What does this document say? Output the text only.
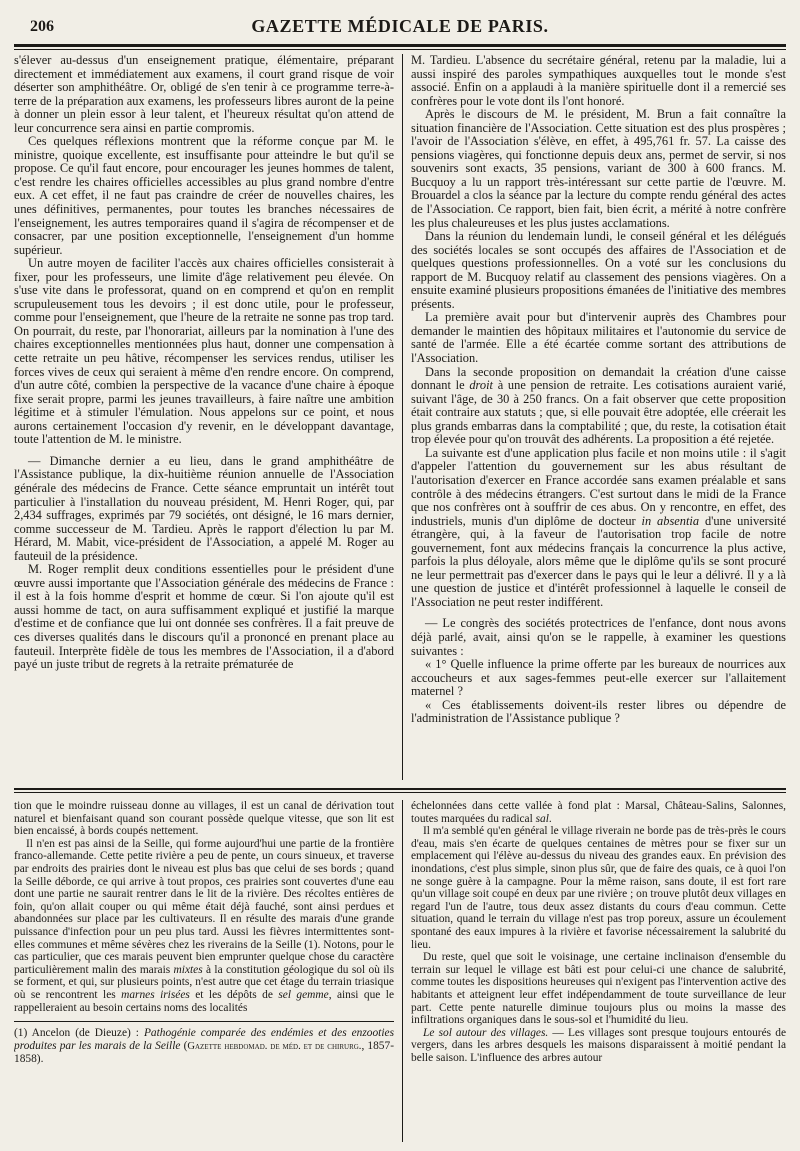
206	GAZETTE MÉDICALE DE PARIS.

s'élever au-dessus d'un enseignement pratique, élémentaire, préparant directement et immédiatement aux examens, il court grand risque de voir déserter son amphithéâtre. Or, obligé de s'en tenir à ce programme terre-à-terre de la préparation aux examens, les professeurs libres auront de la peine à donner un plein essor à leur talent, et l'heureux résultat qu'on attend de leur concurrence sera ainsi en partie compromis.

Ces quelques réflexions montrent que la réforme conçue par M. le ministre, quoique excellente, est insuffisante pour atteindre le but qu'il se propose. Ce qu'il faut encore, pour encourager les jeunes hommes de talent, c'est rendre les chaires officielles accessibles au plus grand nombre d'entre eux. A cet effet, il ne faut pas craindre de créer de nouvelles chaires, les unes définitives, permanentes, pour toutes les branches nécessaires de l'enseignement, les autres temporaires quand il s'agira de récompenser et de consacrer, par une position exceptionnelle, l'enseignement d'un homme supérieur.

Un autre moyen de faciliter l'accès aux chaires officielles consisterait à fixer, pour les professeurs, une limite d'âge relativement peu élevée. On s'use vite dans le professorat, quand on en comprend et qu'on en remplit scrupuleusement tous les devoirs ; il est donc utile, pour le professeur, comme pour l'enseignement, que l'heure de la retraite ne sonne pas trop tard. On pourrait, du reste, par l'honorariat, ailleurs par la nomination à l'une des chaires exceptionnelles mentionnées plus haut, donner une compensation à cette retraite un peu hâtive, récompenser les services rendus, utiliser les forces vives de ceux qui seraient à même d'en rendre encore. On comprend, d'un autre côté, combien la perspective de la vacance d'une chaire à époque fixe serait propre, parmi les jeunes travailleurs, à faire naître une ambition légitime et à stimuler l'émulation. Nous appelons sur ce point, et nous aurons certainement l'occasion d'y revenir, en le développant davantage, toute l'attention de M. le ministre.

— Dimanche dernier a eu lieu, dans le grand amphithéâtre de l'Assistance publique, la dix-huitième réunion annuelle de l'Association générale des médecins de France. Cette séance empruntait un intérêt tout particulier à l'installation du nouveau président, M. Henri Roger, qui, par 2,434 suffrages, exprimés par 79 sociétés, ont désigné, le 16 mars dernier, comme successeur de M. Tardieu. Après le rapport d'élection lu par M. Hérard, M. Mabit, vice-président de l'Association, a appelé M. Roger au fauteuil de la présidence.

M. Roger remplit deux conditions essentielles pour le président d'une œuvre aussi importante que l'Association générale des médecins de France : il est à la fois homme d'esprit et homme de cœur. Si l'on ajoute qu'il est aussi homme de tact, on aura suffisamment expliqué et justifié la marque d'estime et de confiance que lui ont donnée ses confrères. Il a fait preuve de ces diverses qualités dans le discours qu'il a prononcé en prenant place au fauteuil. Interprète fidèle de tous les membres de l'Association, il a d'abord payé un juste tribut de regrets à la retraite prématurée de

M. Tardieu. L'absence du secrétaire général, retenu par la maladie, lui a aussi inspiré des paroles sympathiques auxquelles tout le monde s'est associé. Enfin on a applaudi à la manière spirituelle dont il a remercié ses confrères pour le vote dont ils l'ont honoré.

Après le discours de M. le président, M. Brun a fait connaître la situation financière de l'Association. Cette situation est des plus prospères ; l'avoir de l'Association s'élève, en effet, à 495,761 fr. 57. La caisse des pensions viagères, qui fonctionne depuis deux ans, permet de servir, si nos souvenirs sont exacts, 35 pensions, variant de 300 à 600 francs. M. Bucquoy a lu un rapport très-intéressant sur cette partie de l'œuvre. M. Brouardel a clos la séance par la lecture du compte rendu général des actes de l'Association. Ce rapport, bien fait, bien écrit, a mérité à notre confrère les plus chaleureuses et les plus justes acclamations.

Dans la réunion du lendemain lundi, le conseil général et les délégués des sociétés locales se sont occupés des affaires de l'Association et de quelques questions professionnelles. On a voté sur les conclusions du rapport de M. Bucquoy relatif au classement des pensions viagères. On a ensuite examiné plusieurs propositions émanées de l'initiative des membres présents.

La première avait pour but d'intervenir auprès des Chambres pour demander le maintien des hôpitaux militaires et l'autonomie du service de santé de l'armée. Elle a été écartée comme sortant des attributions de l'Association.

Dans la seconde proposition on demandait la création d'une caisse donnant le droit à une pension de retraite. Les cotisations auraient varié, suivant l'âge, de 30 à 250 francs. On a fait observer que cette proposition était contraire aux statuts ; que, si elle pouvait être adoptée, elle créerait les plus grands embarras dans la comptabilité ; que, du reste, la cotisation était trop élevée pour qu'on trouvât des adhérents. La proposition a été rejetée.

La suivante est d'une application plus facile et non moins utile : il s'agit d'appeler l'attention du gouvernement sur les abus résultant de l'autorisation d'exercer en France accordée sans examen préalable et sans contrôle à des médecins étrangers. C'est surtout dans le midi de la France que nos confrères ont à souffrir de ces abus. On y rencontre, en effet, des industriels, munis d'un diplôme de docteur in absentia d'une université étrangère, qui, à la faveur de l'autorisation trop facile de notre gouvernement, font aux médecins français la concurrence la plus active, parfois la plus déloyale, alors même que le diplôme qu'ils se sont procuré ne leur permettrait pas d'exercer dans le pays qui le leur a délivré. Il y a là une question de justice et d'intérêt professionnel à laquelle le conseil de l'Association ne peut rester indifférent.

— Le congrès des sociétés protectrices de l'enfance, dont nous avons déjà parlé, avait, ainsi qu'on se le rappelle, à examiner les questions suivantes :

« 1° Quelle influence la prime offerte par les bureaux de nourrices aux accoucheurs et aux sages-femmes peut-elle exercer sur l'allaitement maternel ?

« Ces établissements doivent-ils rester libres ou dépendre de l'administration de l'Assistance publique ?

tion que le moindre ruisseau donne au villages, il est un canal de dérivation tout naturel et bienfaisant quand son courant possède quelque vitesse, que son lit est bien encaissé, à bords coupés nettement.

Il n'en est pas ainsi de la Seille, qui forme aujourd'hui une partie de la frontière franco-allemande. Cette petite rivière a peu de pente, un cours sinueux, et traverse par endroits des prairies dont le niveau est plus bas que celui de ses bords ; quand la Seille déborde, ce qui arrive à tout propos, ces prairies sont couvertes d'une eau dont une partie ne saurait rentrer dans le lit de la rivière. Des récoltes entières de foin, qu'on allait couper ou qui même était déjà fauché, sont ainsi perdues et abandonnées sur place par les cultivateurs. Il en résulte des marais d'une grande puissance d'infection pour un peu plus tard. Aussi les fièvres intermittentes sont-elles communes et même sévères chez les riverains de la Seille (1). Notons, pour le cas particulier, que ces marais peuvent bien emprunter quelque chose du caractère particulièrement malin des marais mixtes à la constitution géologique du sol où ils se forment, et qui, sur plusieurs points, n'est autre que cet étage du terrain triasique où se rencontrent les marnes irisées et les dépôts de sel gemme, ainsi que le rappelleraient au besoin certains noms des localités

(1) Ancelon (de Dieuze) : Pathogénie comparée des endémies et des enzooties produites par les marais de la Seille (Gazette hebdomad. de méd. et de chirurg., 1857-1858).

échelonnées dans cette vallée à fond plat : Marsal, Château-Salins, Salonnes, toutes marquées du radical sal.

Il m'a semblé qu'en général le village riverain ne borde pas de très-près le cours d'eau, mais s'en écarte de quelques centaines de mètres pour se fixer sur un emplacement qui l'élève au-dessus du niveau des grandes eaux. En prévision des inondations, c'est plus simple, sinon plus sûr, que de faire des quais, ce à quoi l'on ne songe guère à la campagne. Pour la même raison, sans doute, il est fort rare qu'un village soit coupé en deux par une rivière ; on trouve plutôt deux villages en regard l'un de l'autre, tous deux assez distants du cours d'eau commun. Cette situation, quand le terrain du village n'est pas trop poreux, assure un écoulement spontané des eaux impures à la rivière et favorise nécessairement la salubrité du lieu.

Du reste, quel que soit le voisinage, une certaine inclinaison d'ensemble du terrain sur lequel le village est bâti est pour celui-ci une chance de salubrité, comme toutes les dispositions heureuses qui n'exigent pas l'intervention active des habitants et atteignent leur effet indépendamment de toute surveillance de leur part. Cette pente naturelle diminue toujours plus ou moins la masse des infiltrations organiques dans le sous-sol et l'humidité du lieu.

Le sol autour des villages. — Les villages sont presque toujours entourés de vergers, dans les arbres desquels les maisons disparaissent à moitié pendant la belle saison. L'influence des arbres autour
